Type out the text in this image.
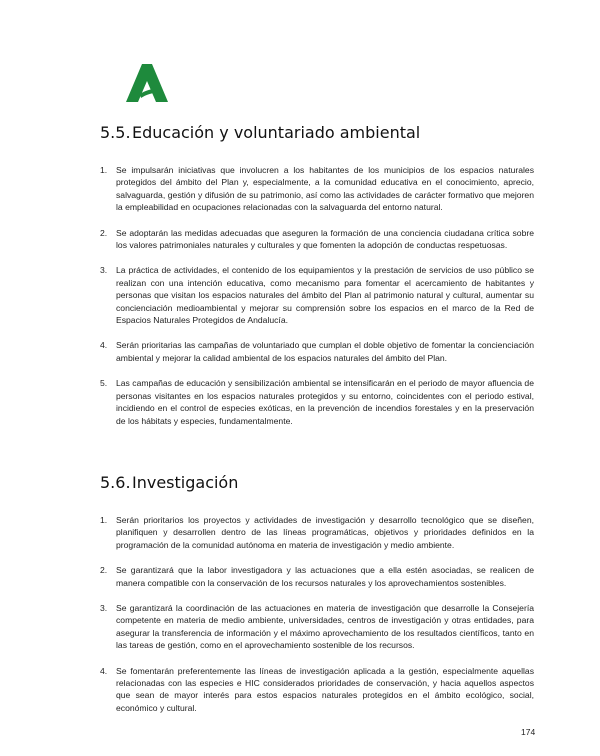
5.5.Educación y voluntariado ambiental
1. Se impulsarán iniciativas que involucren a los habitantes de los municipios de los espacios naturales protegidos del ámbito del Plan y, especialmente, a la comunidad educativa en el conocimiento, aprecio, salvaguarda, gestión y difusión de su patrimonio, así como las actividades de carácter formativo que mejoren la empleabilidad en ocupaciones relacionadas con la salvaguarda del entorno natural.
2. Se adoptarán las medidas adecuadas que aseguren la formación de una conciencia ciudadana crítica sobre los valores patrimoniales naturales y culturales y que fomenten la adopción de conductas respetuosas.
3. La práctica de actividades, el contenido de los equipamientos y la prestación de servicios de uso público se realizan con una intención educativa, como mecanismo para fomentar el acercamiento de habitantes y personas que visitan los espacios naturales del ámbito del Plan al patrimonio natural y cultural, aumentar su concienciación medioambiental y mejorar su comprensión sobre los espacios en el marco de la Red de Espacios Naturales Protegidos de Andalucía.
4. Serán prioritarias las campañas de voluntariado que cumplan el doble objetivo de fomentar la concienciación ambiental y mejorar la calidad ambiental de los espacios naturales del ámbito del Plan.
5. Las campañas de educación y sensibilización ambiental se intensificarán en el periodo de mayor afluencia de personas visitantes en los espacios naturales protegidos y su entorno, coincidentes con el periodo estival, incidiendo en el control de especies exóticas, en la prevención de incendios forestales y en la preservación de los hábitats y especies, fundamentalmente.
5.6.Investigación
1. Serán prioritarios los proyectos y actividades de investigación y desarrollo tecnológico que se diseñen, planifiquen y desarrollen dentro de las líneas programáticas, objetivos y prioridades definidos en la programación de la comunidad autónoma en materia de investigación y medio ambiente.
2. Se garantizará que la labor investigadora y las actuaciones que a ella estén asociadas, se realicen de manera compatible con la conservación de los recursos naturales y los aprovechamientos sostenibles.
3. Se garantizará la coordinación de las actuaciones en materia de investigación que desarrolle la Consejería competente en materia de medio ambiente, universidades, centros de investigación y otras entidades, para asegurar la transferencia de información y el máximo aprovechamiento de los resultados científicos, tanto en las tareas de gestión, como en el aprovechamiento sostenible de los recursos.
4. Se fomentarán preferentemente las líneas de investigación aplicada a la gestión, especialmente aquellas relacionadas con las especies e HIC considerados prioridades de conservación, y hacia aquellos aspectos que sean de mayor interés para estos espacios naturales protegidos en el ámbito ecológico, social, económico y cultural.
174
